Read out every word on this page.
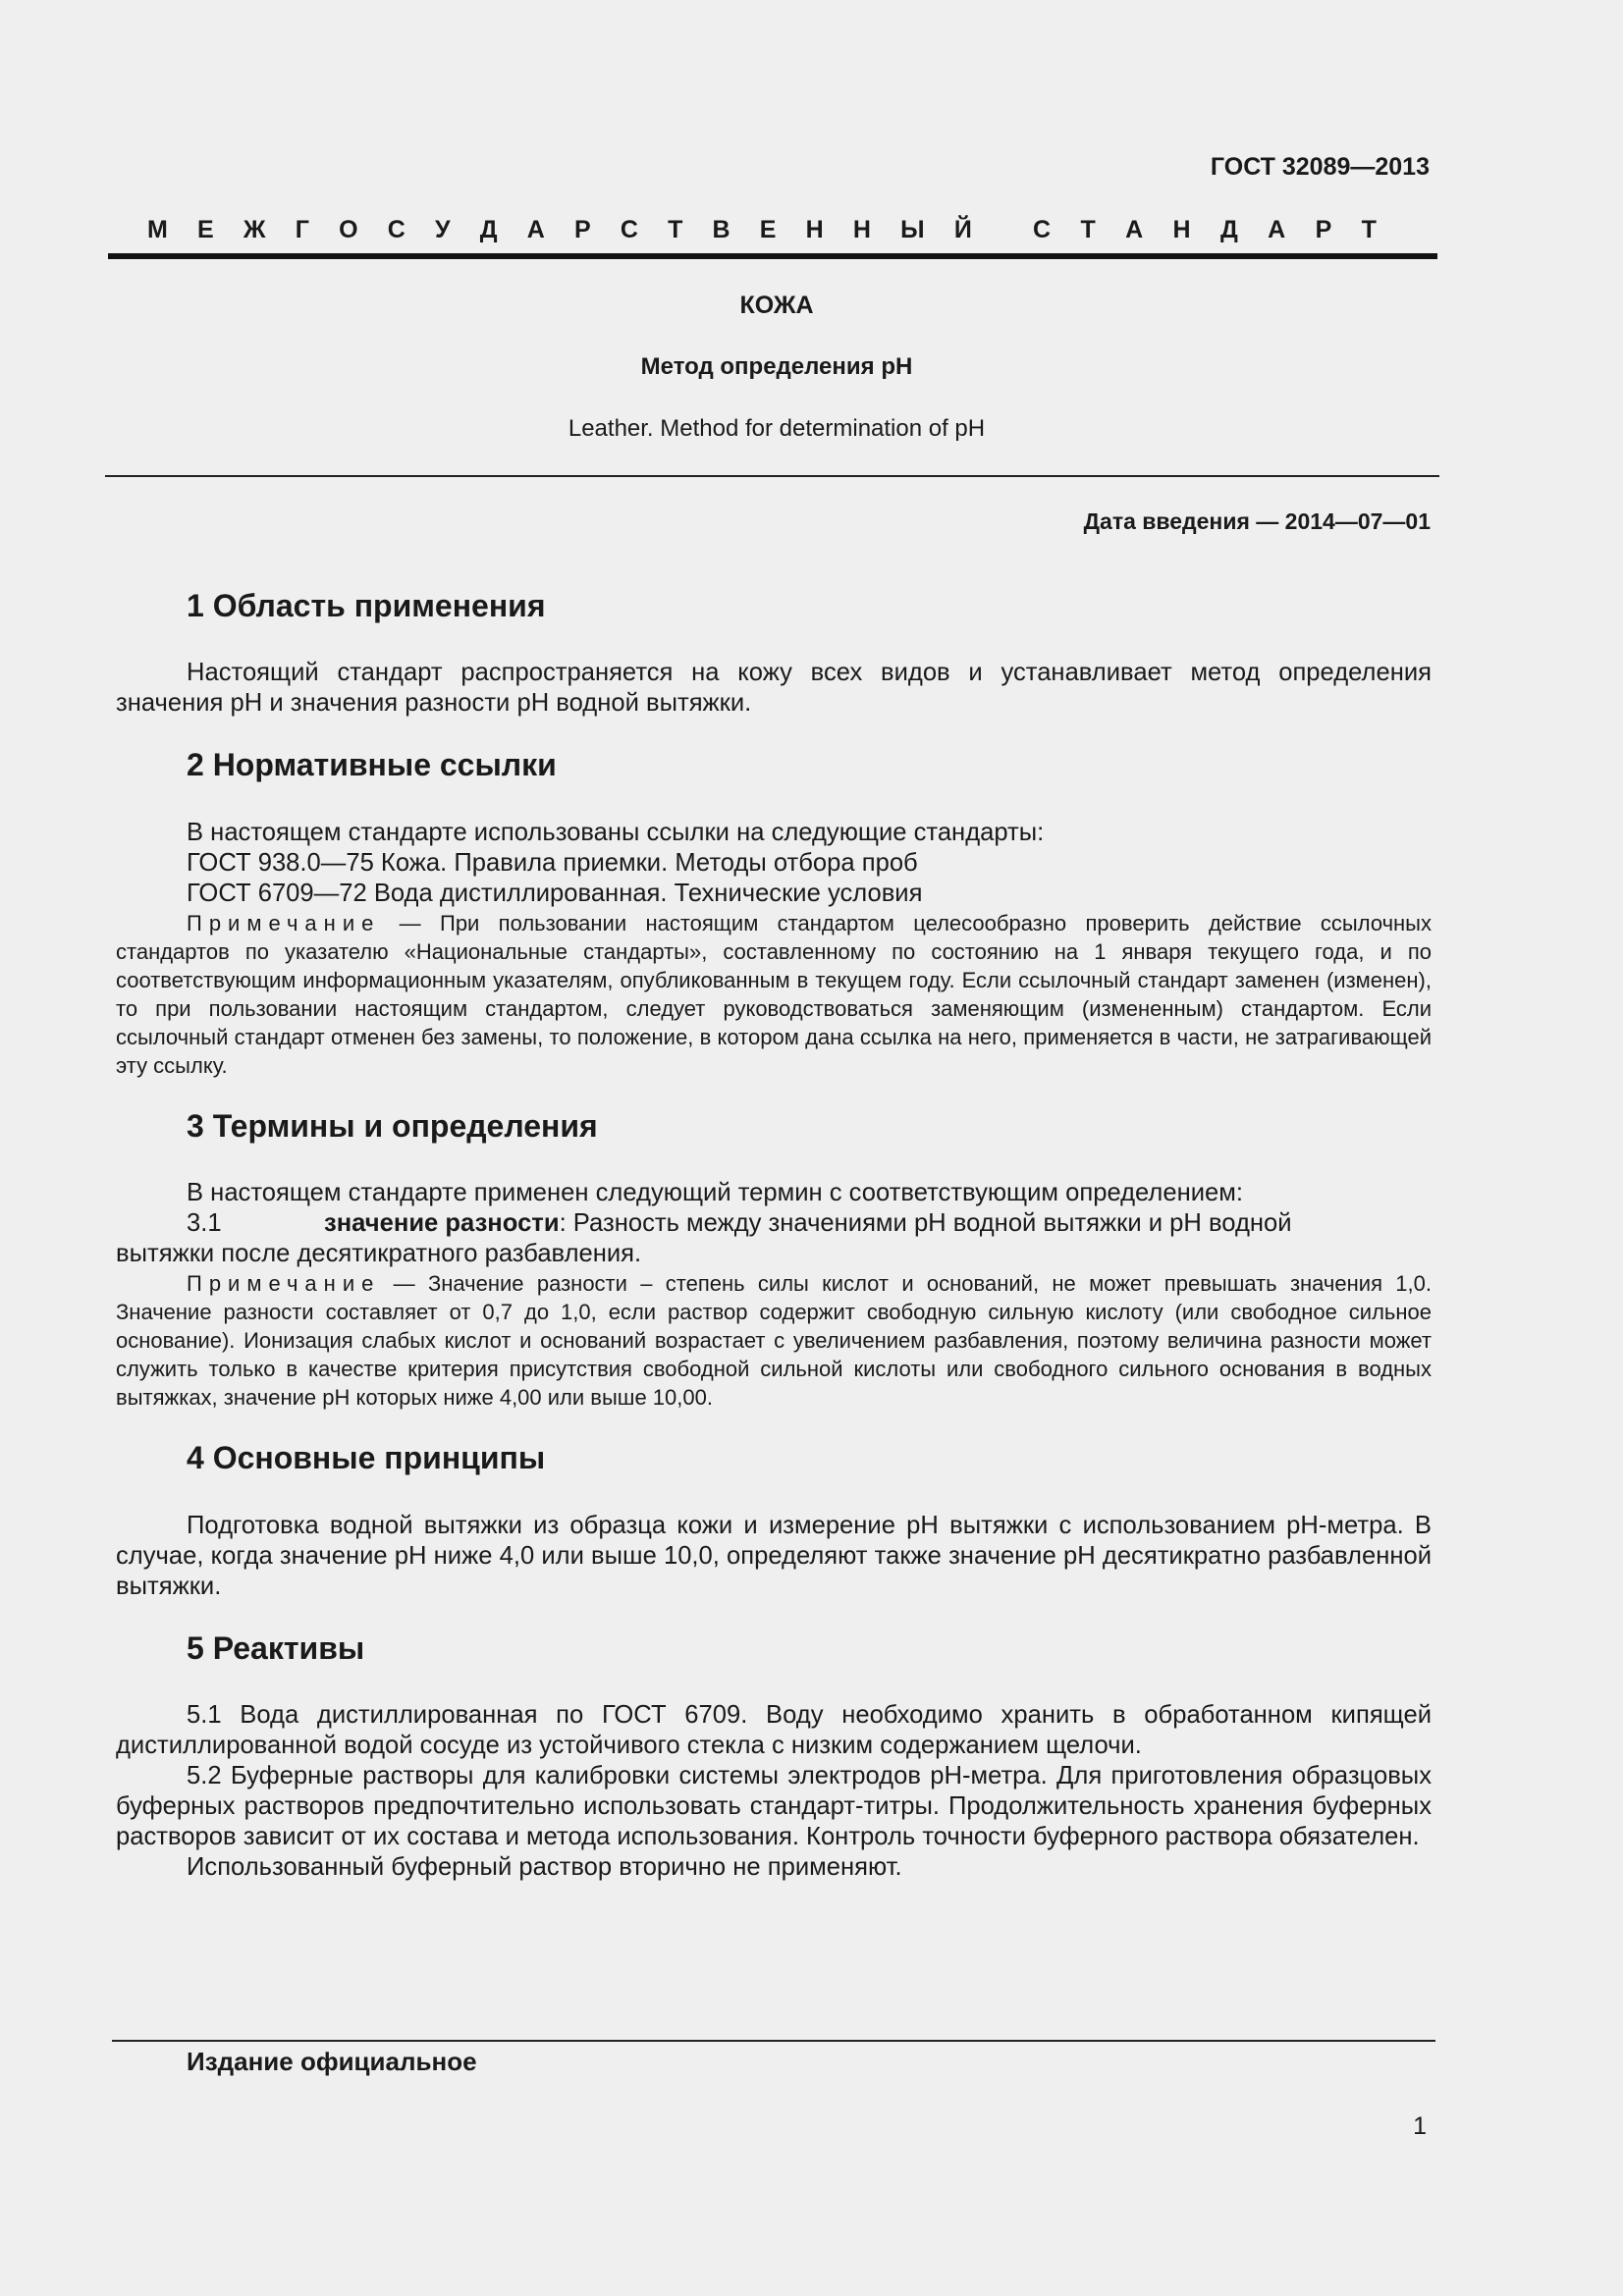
ГОСТ 32089—2013
М Е Ж Г О С У Д А Р С Т В Е Н Н Ы Й С Т А Н Д А Р Т
КОЖА
Метод определения pH
Leather. Method for determination of pH
Дата введения — 2014—07—01
1 Область применения

Настоящий стандарт распространяется на кожу всех видов и устанавливает метод определения значения pH и значения разности pH водной вытяжки.

2 Нормативные ссылки

В настоящем стандарте использованы ссылки на следующие стандарты:

ГОСТ 938.0—75 Кожа. Правила приемки. Методы отбора проб

ГОСТ 6709—72 Вода дистиллированная. Технические условия

Примечание — При пользовании настоящим стандартом целесообразно проверить действие ссылочных стандартов по указателю «Национальные стандарты», составленному по состоянию на 1 января текущего года, и по соответствующим информационным указателям, опубликованным в текущем году. Если ссылочный стандарт заменен (изменен), то при пользовании настоящим стандартом, следует руководствоваться заменяющим (измененным) стандартом. Если ссылочный стандарт отменен без замены, то положение, в котором дана ссылка на него, применяется в части, не затрагивающей эту ссылку.

3 Термины и определения

В настоящем стандарте применен следующий термин с соответствующим определением:

3.1	значение разности: Разность между значениями pH водной вытяжки и pH водной

вытяжки после десятикратного разбавления.

Примечание — Значение разности – степень силы кислот и оснований, не может превышать значения 1,0. Значение разности составляет от 0,7 до 1,0, если раствор содержит свободную сильную кислоту (или свободное сильное основание). Ионизация слабых кислот и оснований возрастает с увеличением разбавления, поэтому величина разности может служить только в качестве критерия присутствия свободной сильной кислоты или свободного сильного основания в водных вытяжках, значение pH которых ниже 4,00 или выше 10,00.

4 Основные принципы

Подготовка водной вытяжки из образца кожи и измерение pH вытяжки с использованием pH-метра. В случае, когда значение pH ниже 4,0 или выше 10,0, определяют также значение pH десятикратно разбавленной вытяжки.

5 Реактивы

5.1 Вода дистиллированная по ГОСТ 6709. Воду необходимо хранить в обработанном кипящей дистиллированной водой сосуде из устойчивого стекла с низким содержанием щелочи.

5.2 Буферные растворы для калибровки системы электродов pH-метра. Для приготовления образцовых буферных растворов предпочтительно использовать стандарт-титры. Продолжительность хранения буферных растворов зависит от их состава и метода использования. Контроль точности буферного раствора обязателен.

Использованный буферный раствор вторично не применяют.

Издание официальное
1
